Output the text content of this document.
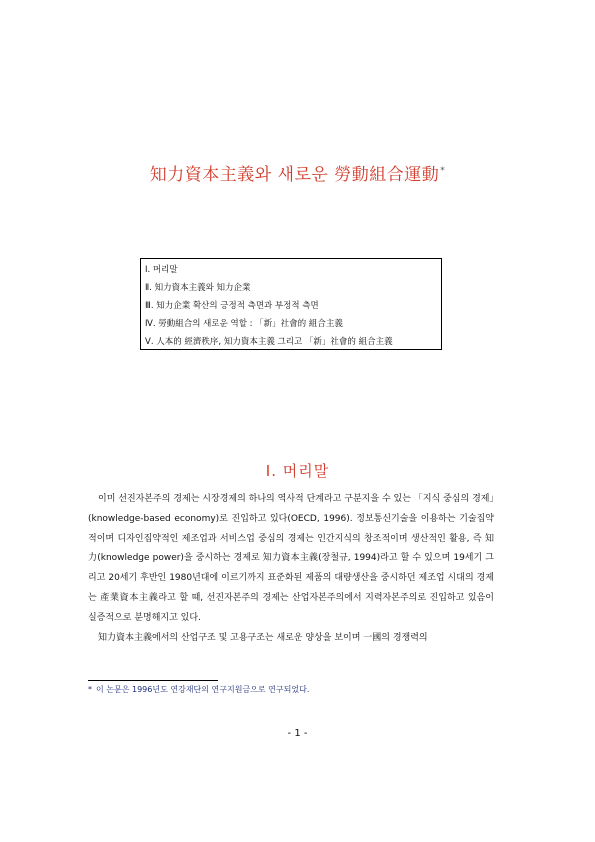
知力資本主義와 새로운 勞動組合運動*
Ⅰ. 머리말
Ⅱ. 知力資本主義와 知力企業
Ⅲ. 知力企業 확산의 긍정적 측면과 부정적 측면
Ⅳ. 勞動組合의 새로운 역할 : 「新」社會的 組合主義
Ⅴ. 人本的 經濟秩序, 知力資本主義 그리고 「新」社會的 組合主義
Ⅰ. 머리말

이미 선진자본주의 경제는 시장경제의 하나의 역사적 단계라고 구분지을 수 있는 「지식 중심의 경제」(knowledge-based economy)로 진입하고 있다(OECD, 1996). 정보통신기술을 이용하는 기술집약적이며 디자인집약적인 제조업과 서비스업 중심의 경제는 인간지식의 창조적이며 생산적인 활용, 즉 知力(knowledge power)을 중시하는 경제로 知力資本主義(장철규, 1994)라고 할 수 있으며 19세기 그리고 20세기 후반인 1980년대에 이르기까지 표준화된 제품의 대량생산을 중시하던 제조업 시대의 경제는 產業資本主義라고 할 때, 선진자본주의 경제는 산업자본주의에서 지력자본주의로 진입하고 있음이 실증적으로 분명해지고 있다.

知力資本主義에서의 산업구조 및 고용구조는 새로운 양상을 보이며 一國의 경쟁력의

* 이 논문은 1996년도 연강재단의 연구지원금으로 연구되었다.
- 1 -
